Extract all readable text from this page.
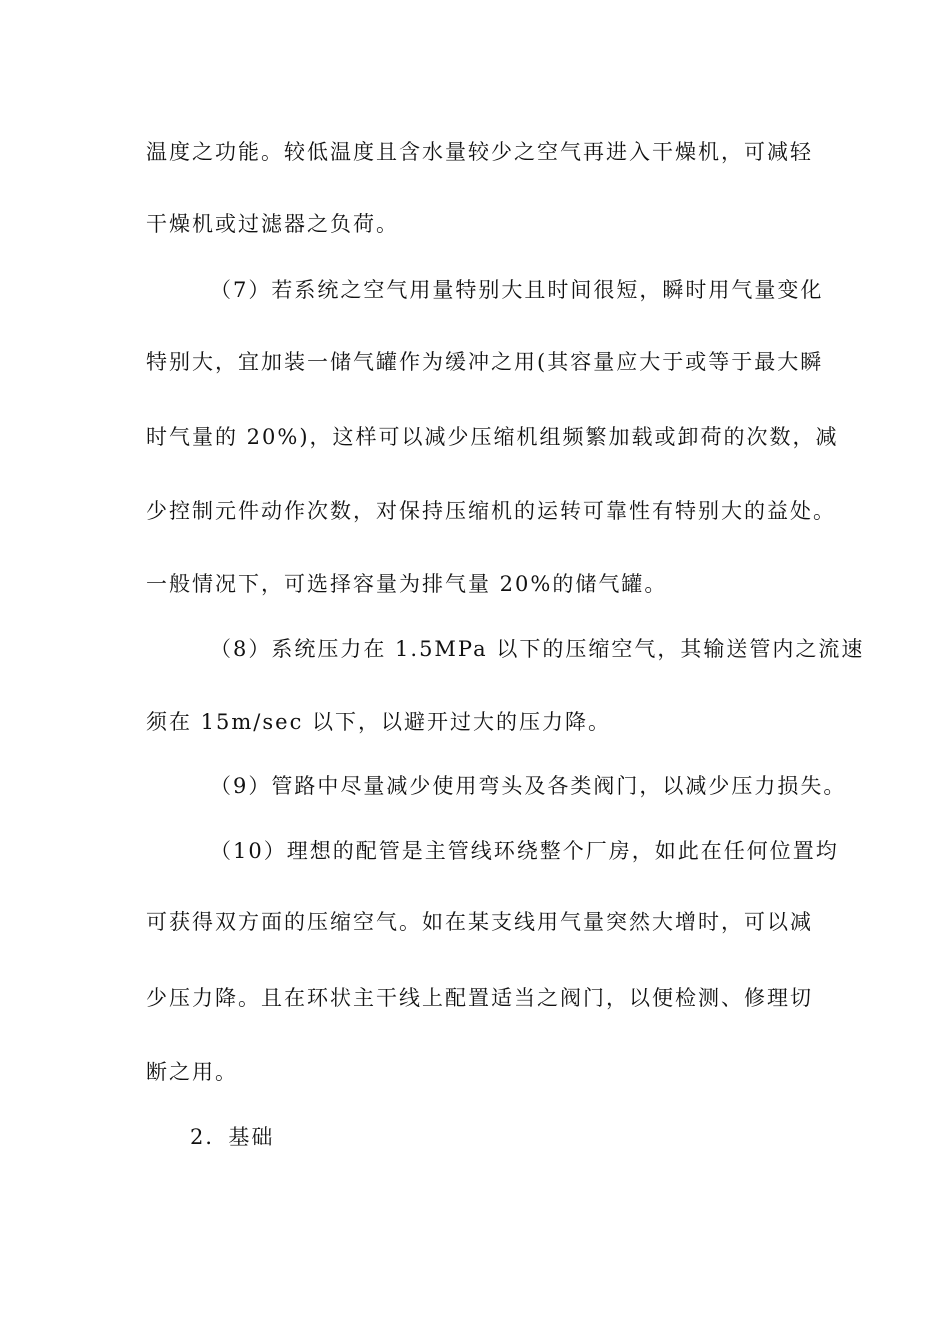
温度之功能。较低温度且含水量较少之空气再进入干燥机，可减轻
干燥机或过滤器之负荷。
（7）若系统之空气用量特别大且时间很短，瞬时用气量变化
特别大，宜加装一储气罐作为缓冲之用(其容量应大于或等于最大瞬
时气量的 20%)，这样可以减少压缩机组频繁加载或卸荷的次数，减
少控制元件动作次数，对保持压缩机的运转可靠性有特别大的益处。
一般情况下，可选择容量为排气量 20%的储气罐。
（8）系统压力在 1.5MPa 以下的压缩空气，其输送管内之流速
须在 15m/sec 以下，以避开过大的压力降。
（9）管路中尽量减少使用弯头及各类阀门，以减少压力损失。
（10）理想的配管是主管线环绕整个厂房，如此在任何位置均
可获得双方面的压缩空气。如在某支线用气量突然大增时，可以减
少压力降。且在环状主干线上配置适当之阀门，以便检测、修理切
断之用。
2．基础
